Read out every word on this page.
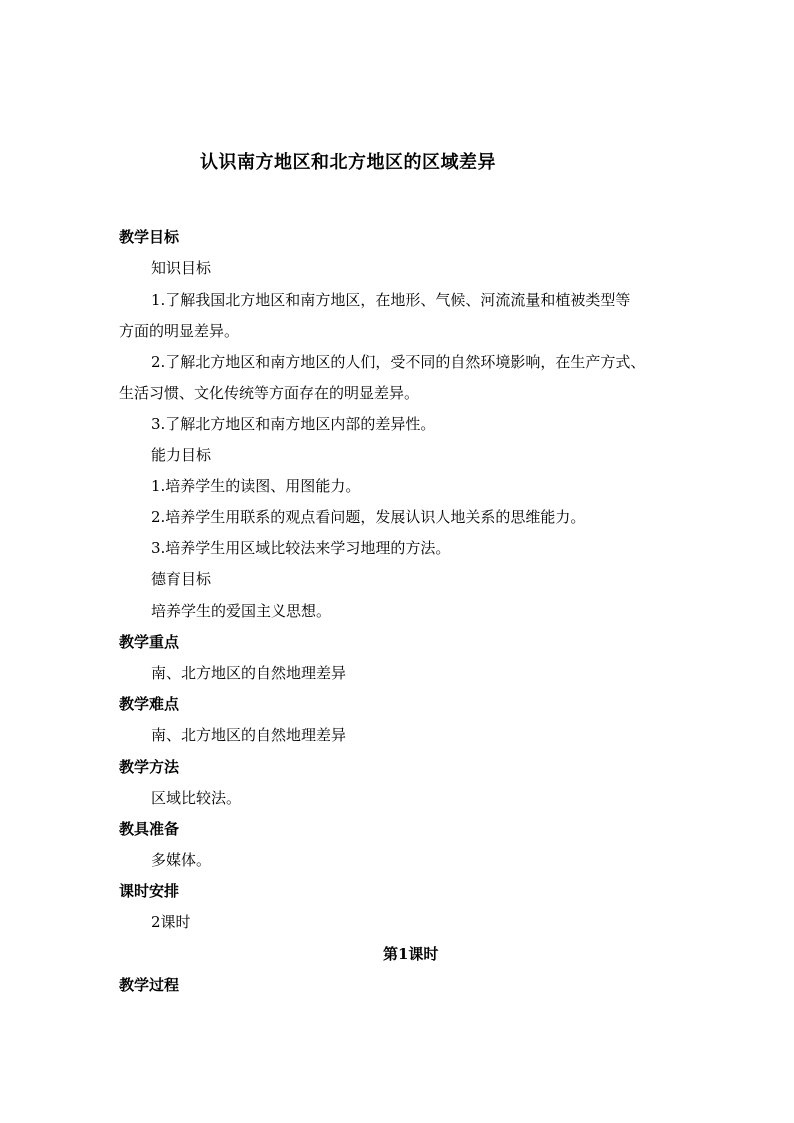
认识南方地区和北方地区的区域差异
教学目标
知识目标
1.了解我国北方地区和南方地区，在地形、气候、河流流量和植被类型等
方面的明显差异。
2.了解北方地区和南方地区的人们，受不同的自然环境影响，在生产方式、
生活习惯、文化传统等方面存在的明显差异。
3.了解北方地区和南方地区内部的差异性。
能力目标
1.培养学生的读图、用图能力。
2.培养学生用联系的观点看问题，发展认识人地关系的思维能力。
3.培养学生用区域比较法来学习地理的方法。
德育目标
培养学生的爱国主义思想。
教学重点
南、北方地区的自然地理差异
教学难点
南、北方地区的自然地理差异
教学方法
区域比较法。
教具准备
多媒体。
课时安排
2课时
第1课时
教学过程
